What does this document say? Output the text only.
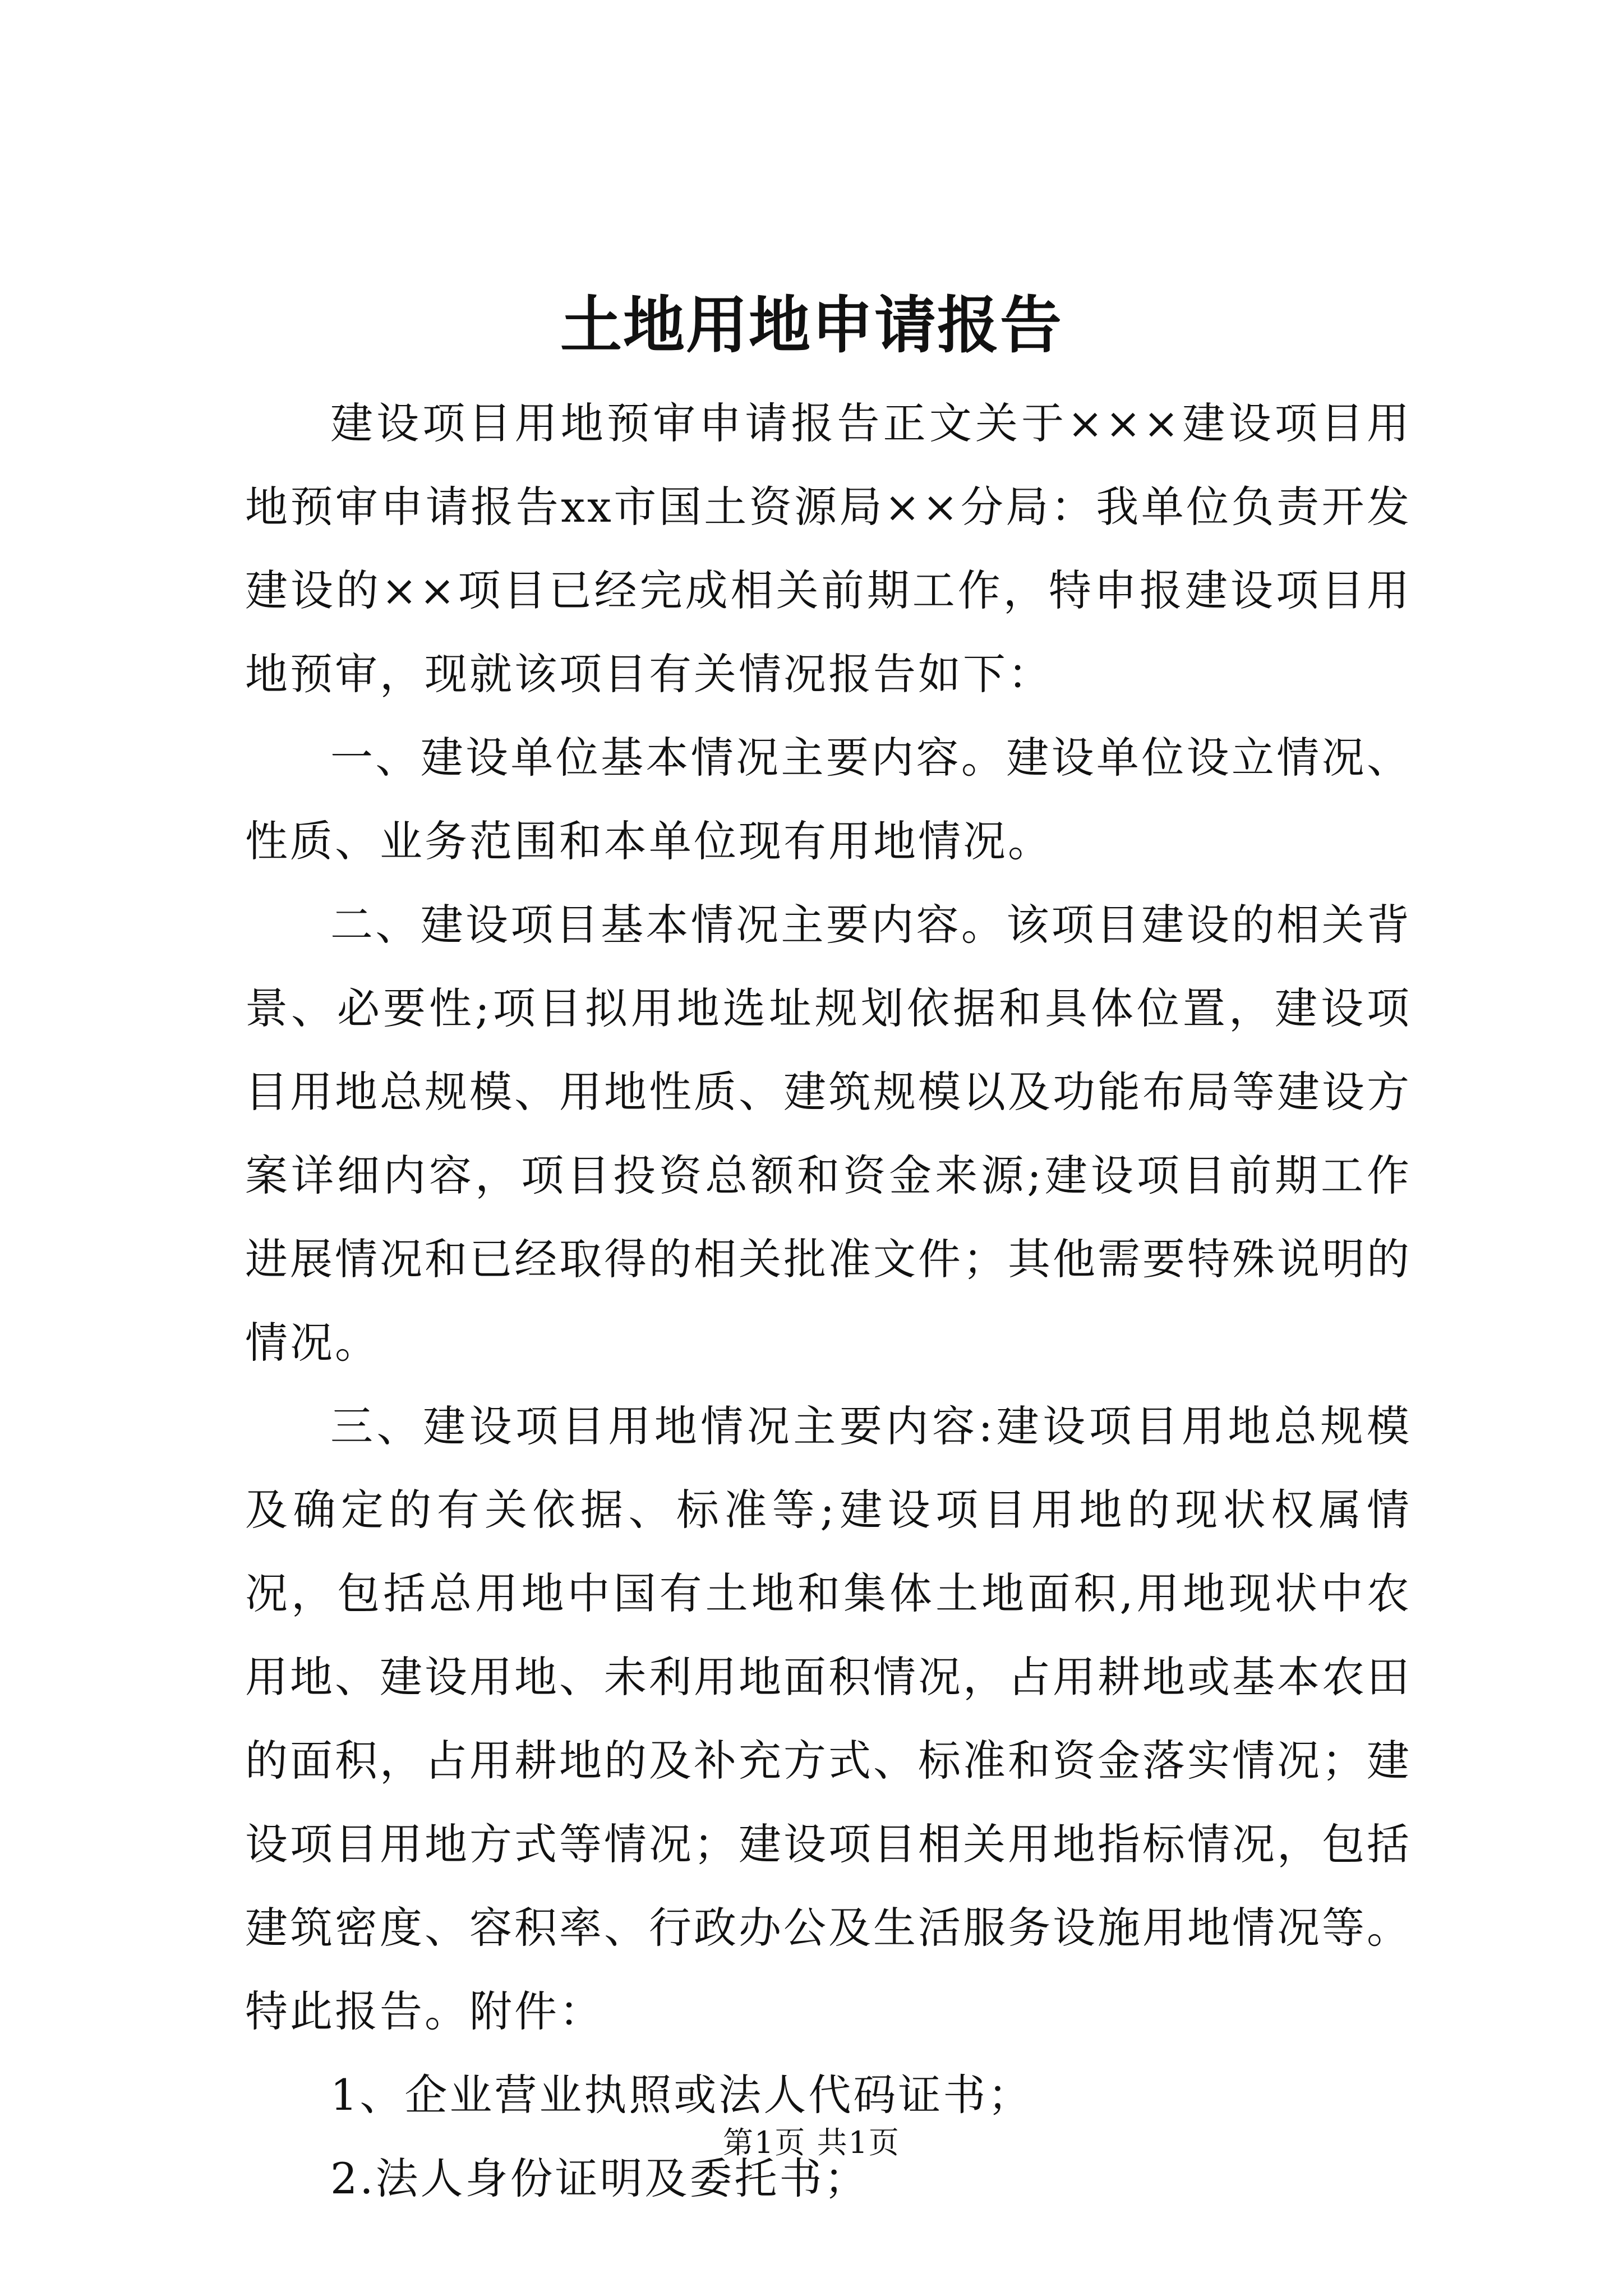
土地用地申请报告

建设项目用地预审申请报告正文关于×××建设项目用地预审申请报告xx市国土资源局××分局：我单位负责开发建设的××项目已经完成相关前期工作，特申报建设项目用地预审，现就该项目有关情况报告如下：

一、建设单位基本情况主要内容。建设单位设立情况、性质、业务范围和本单位现有用地情况。

二、建设项目基本情况主要内容。该项目建设的相关背景、必要性;项目拟用地选址规划依据和具体位置，建设项目用地总规模、用地性质、建筑规模以及功能布局等建设方案详细内容，项目投资总额和资金来源;建设项目前期工作进展情况和已经取得的相关批准文件；其他需要特殊说明的情况。

三、建设项目用地情况主要内容:建设项目用地总规模及确定的有关依据、标准等;建设项目用地的现状权属情况，包括总用地中国有土地和集体土地面积,用地现状中农用地、建设用地、未利用地面积情况，占用耕地或基本农田的面积，占用耕地的及补充方式、标准和资金落实情况；建设项目用地方式等情况；建设项目相关用地指标情况，包括建筑密度、容积率、行政办公及生活服务设施用地情况等。特此报告。附件：

1、企业营业执照或法人代码证书；

2.法人身份证明及委托书；

第1页 共1页
